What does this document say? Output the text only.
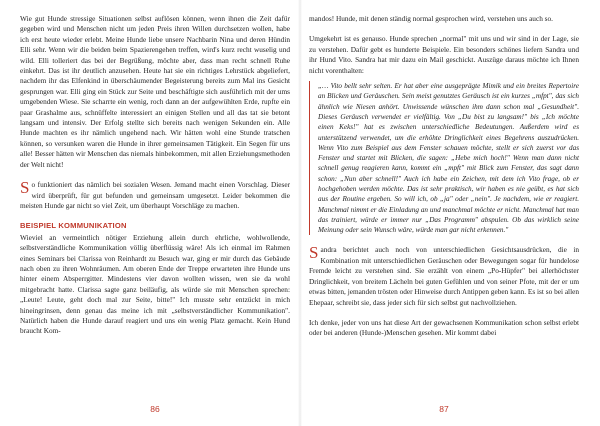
Wie gut Hunde stressige Situationen selbst auflösen können, wenn ihnen die Zeit dafür gegeben wird und Menschen nicht um jeden Preis ihren Willen durchsetzen wollen, habe ich erst heute wieder erlebt. Meine Hunde liebe unsere Nachbarin Nina und deren Hündin Elli sehr. Wenn wir die beiden beim Spazierengehen treffen, wird's kurz recht wuselig und wild. Elli tolleriert das bei der Begrüßung, möchte aber, dass man recht schnell Ruhe einkehrt. Das ist ihr deutlich anzusehen. Heute hat sie ein richtiges Lehrstück abgeliefert, nachdem ihr das Elfenkind in überschäumender Begeisterung bereits zum Mal ins Gesicht gesprungen war. Elli ging ein Stück zur Seite und beschäftigte sich ausführlich mit der ums umgebenden Wiese. Sie scharrte ein wenig, roch dann an der aufgewühlten Erde, rupfte ein paar Grashalme aus, schnüffelte interessiert an einigen Stellen und all das tat sie betont langsam und intensiv. Der Erfolg stellte sich bereits nach wenigen Sekunden ein. Alle Hunde machten es ihr nämlich ungehend nach. Wir hätten wohl eine Stunde tratschen können, so versunken waren die Hunde in ihrer gemeinsamen Tätigkeit. Ein Segen für uns alle! Besser hätten wir Menschen das niemals hinbekommen, mit allen Erziehungsmethoden der Welt nicht!

So funktioniert das nämlich bei sozialen Wesen. Jemand macht einen Vorschlag. Dieser wird überprüft, für gut befunden und gemeinsam umgesetzt. Leider bekommen die meisten Hunde gar nicht so viel Zeit, um überhaupt Vorschläge zu machen.

BEISPIEL KOMMUNIKATION

Wieviel an vermeintlich nötiger Erziehung allein durch ehrliche, wohlwollende, selbstverständliche Kommunikation völlig überflüssig wäre! Als ich einmal im Rahmen eines Seminars bei Clarissa von Reinhardt zu Besuch war, ging er mir durch das Gebäude nach oben zu ihren Wohnräumen. Am oberen Ende der Treppe erwarteten ihre Hunde uns hinter einem Absperrgitter. Mindestens vier davon wollten wissen, wen sie da wohl mitgebracht hatte. Clarissa sagte ganz beiläufig, als würde sie mit Menschen sprechen: „Leute! Leute, geht doch mal zur Seite, bitte!" Ich musste sehr entzückt in mich hineingrinsen, denn genau das meine ich mit „selbstverständlicher Kommunikation". Natürlich haben die Hunde darauf reagiert und uns ein wenig Platz gemacht. Kein Hund braucht Kom-

86

mandos! Hunde, mit denen ständig normal gesprochen wird, verstehen uns auch so.

Umgekehrt ist es genauso. Hunde sprechen „normal" mit uns und wir sind in der Lage, sie zu verstehen. Dafür gebt es hunderte Beispiele. Ein besonders schönes liefern Sandra und ihr Hund Vito. Sandra hat mir dazu ein Mail geschickt. Auszüge daraus möchte ich Ihnen nicht vorenthalten:

„… Vito bellt sehr selten. Er hat aber eine ausgeprägte Mimik und ein breites Repertoire an Blicken und Geräuschen. Sein meist genutztes Geräusch ist ein kurzes „mfpt", das sich ähnlich wie Niesen anhört. Unwissende wünschen ihm dann schon mal „Gesundheit". Dieses Geräusch verwendet er vielfältig. Von „Du bist zu langsam!" bis „Ich möchte einen Keks!" hat es zwischen unterschiedliche Bedeutungen. Außerdem wird es unterstützend verwendet, um die erhöhte Dringlichkeit eines Begehrens auszudrücken. Wenn Vito zum Beispiel aus dem Fenster schauen möchte, stellt er sich zuerst vor das Fenster und startet mit Blicken, die sagen: „Hebe mich hoch!" Wenn man dann nicht schnell genug reagieren kann, kommt ein „mpft" mit Blick zum Fenster, das sagt dann schon: „Nun aber schnell!" Auch ich habe ein Zeichen, mit dem ich Vito frage, ob er hochgehoben werden möchte. Das ist sehr praktisch, wir haben es nie geübt, es hat sich aus der Routine ergeben. So will ich, ob „ja" oder „nein". Je nachdem, wie er reagiert. Manchmal nimmt er die Einladung an und manchmal möchte er nicht. Manchmal hat man das trainiert, würde er immer nur „Das Programm" abspulen. Ob das wirklich seine Meinung oder sein Wunsch wäre, würde man gar nicht erkennen."

Sandra berichtet auch noch von unterschiedlichen Gesichtsausdrücken, die in Kombination mit unterschiedlichen Geräuschen oder Bewegungen sogar für hundelose Fremde leicht zu verstehen sind. Sie erzählt von einem „Po-Hüpfer" bei allerhöchster Dringlichkeit, von breitem Lächeln bei guten Gefühlen und von seiner Pfote, mit der er um etwas bitten, jemanden trösten oder Hinweise durch Antippen geben kann. Es ist so bei allen Ehepaar, schreibt sie, dass jeder sich für sich selbst gut nachvollziehen.

Ich denke, jeder von uns hat diese Art der gewachsenen Kommunikation schon selbst erlebt oder bei anderen (Hunde-)Menschen gesehen. Mir kommt dabei

87
